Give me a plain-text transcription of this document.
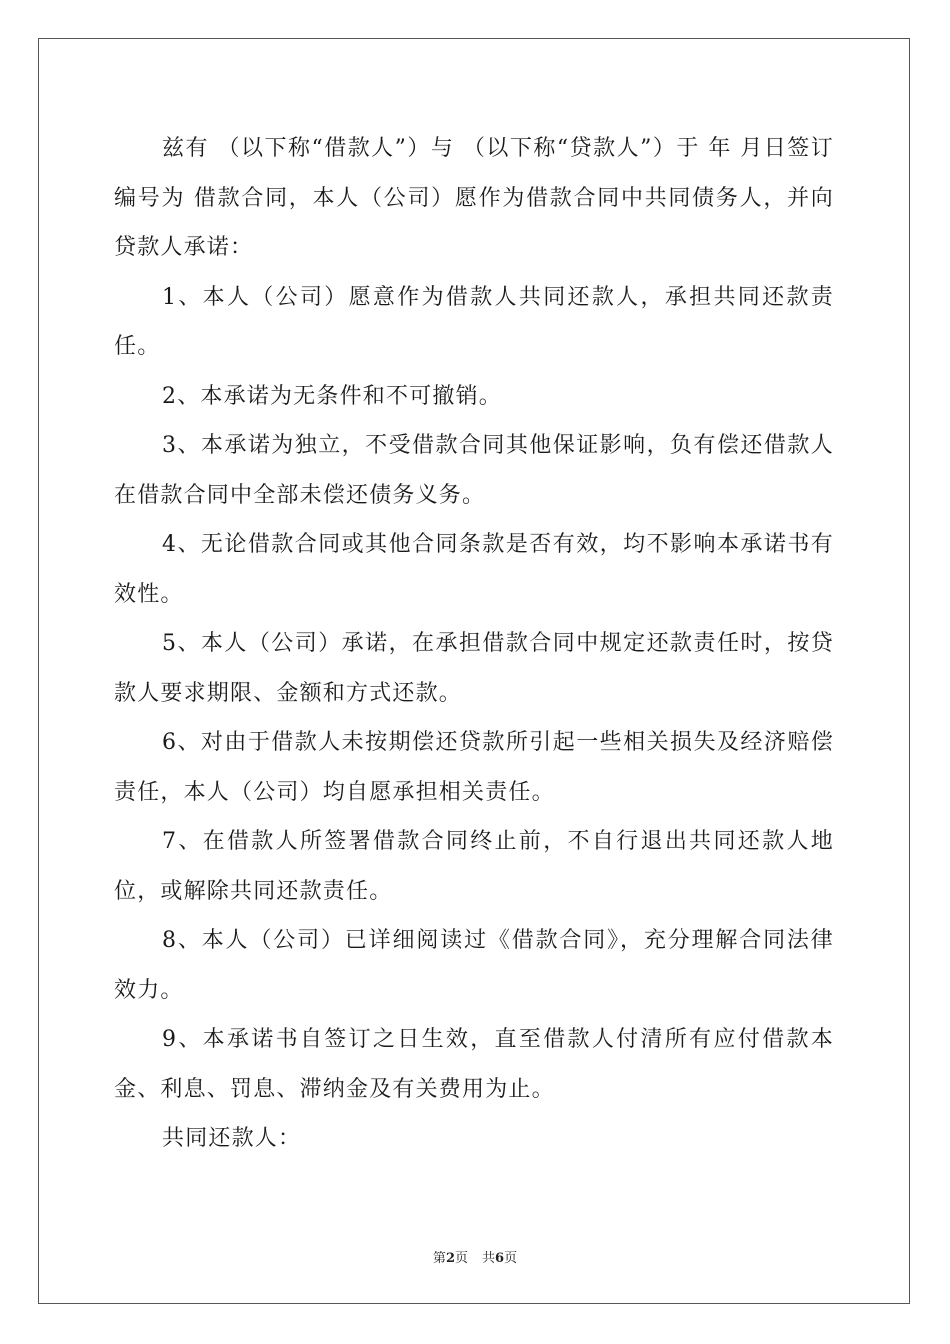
兹有 （以下称“借款人”）与 （以下称“贷款人”）于 年 月日签订编号为 借款合同，本人（公司）愿作为借款合同中共同债务人，并向贷款人承诺：

1、本人（公司）愿意作为借款人共同还款人，承担共同还款责任。

2、本承诺为无条件和不可撤销。

3、本承诺为独立，不受借款合同其他保证影响，负有偿还借款人在借款合同中全部未偿还债务义务。

4、无论借款合同或其他合同条款是否有效，均不影响本承诺书有效性。

5、本人（公司）承诺，在承担借款合同中规定还款责任时，按贷款人要求期限、金额和方式还款。

6、对由于借款人未按期偿还贷款所引起一些相关损失及经济赔偿责任，本人（公司）均自愿承担相关责任。

7、在借款人所签署借款合同终止前，不自行退出共同还款人地位，或解除共同还款责任。

8、本人（公司）已详细阅读过《借款合同》，充分理解合同法律效力。

9、本承诺书自签订之日生效，直至借款人付清所有应付借款本金、利息、罚息、滞纳金及有关费用为止。

共同还款人：

第2页 共6页
